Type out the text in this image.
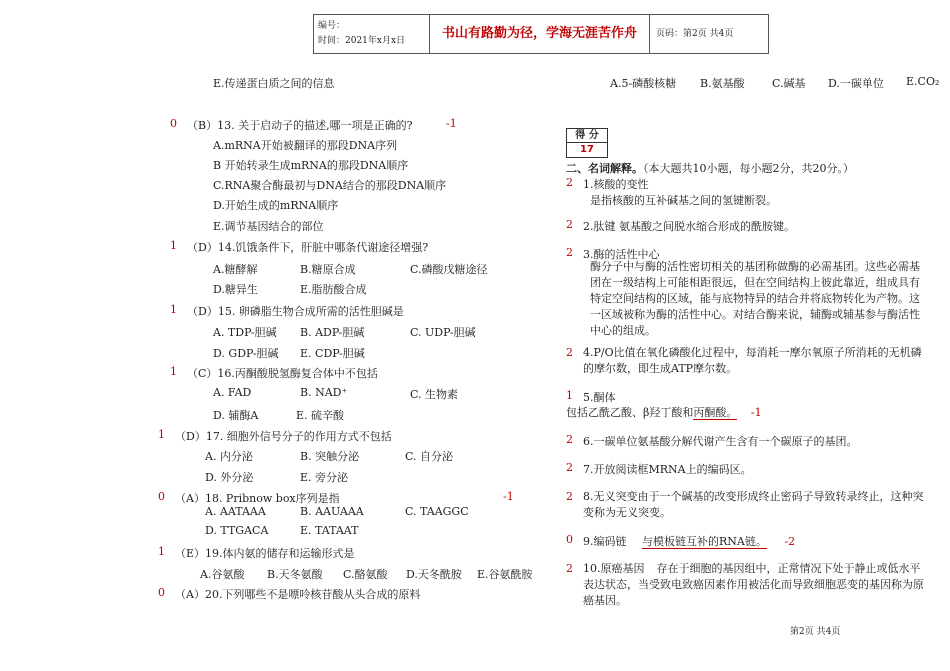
编号：
时间：2021年x月x日	书山有路勤为径，学海无涯苦作舟	页码：第2页 共4页
E.传递蛋白质之间的信息
0 （B）13. 关于启动子的描述,哪一项是正确的?	-1
A.mRNA开始被翻译的那段DNA序列
B 开始转录生成mRNA的那段DNA顺序
C.RNA聚合酶最初与DNA结合的那段DNA顺序
D.开始生成的mRNA顺序
E.调节基因结合的部位
1 （D）14.饥饿条件下，肝脏中哪条代谢途径增强?
A.糖酵解	B.糖原合成	C.磷酸戊糖途径
D.糖异生	E.脂肪酸合成
1 （D）15. 卵磷脂生物合成所需的活性胆碱是
A. TDP-胆碱 B. ADP-胆碱	C. UDP-胆碱
D. GDP-胆碱 E. CDP-胆碱
1 （C）16.丙酮酸脱氢酶复合体中不包括
A. FAD	B. NAD⁺	C. 生物素
D. 辅酶A	E. 硫辛酸
1 （D）17. 细胞外信号分子的作用方式不包括
A. 内分泌	B. 突触分泌	C. 自分泌
D. 外分泌	E. 旁分泌
0 （A）18. Pribnow box序列是指	-1
A. AATAAA	B. AAUAAA	C. TAAGGC
D. TTGACA	E. TATAAT
1 （E）19.体内氨的储存和运输形式是
A.谷氨酸 B.天冬氨酸 C.酪氨酸 D.天冬酰胺 E.谷氨酰胺
0 （A）20.下列哪些不是嘌呤核苷酸从头合成的原料
A.5-磷酸核糖 B.氨基酸 C.碱基 D.一碳单位 E.CO₂
得 分
17
二、名词解释。（本大题共10小题，每小题2分，共20分。）
2 1.核酸的变性
是指核酸的互补碱基之间的氢键断裂。
2 2.肽键 氨基酸之间脱水缩合形成的酰胺键。
2 3.酶的活性中心
酶分子中与酶的活性密切相关的基团称做酶的必需基团。这些必需基团在一级结构上可能相距很远，但在空间结构上彼此靠近，组成具有特定空间结构的区域，能与底物特异的结合并将底物转化为产物。这一区域被称为酶的活性中心。对结合酶来说，辅酶或辅基参与酶活性中心的组成。
2 4.P/O比值在氧化磷酸化过程中，每消耗一摩尔氧原子所消耗的无机磷的摩尔数，即生成ATP摩尔数。
1 5.酮体
包括乙酰乙酸、β羟丁酸和丙酮酸。 -1
2 6.一碳单位氨基酸分解代谢产生含有一个碳原子的基团。
2 7.开放阅读框MRNA上的编码区。
2 8.无义突变由于一个碱基的改变形成终止密码子导致转录终止，这种突变称为无义突变。
0 9.编码链 与模板链互补的RNA链。 -2
2 10.原癌基因 存在于细胞的基因组中，正常情况下处于静止或低水平表达状态，当受致电致癌因素作用被活化而导致细胞恶变的基因称为原癌基因。
第2页 共4页
